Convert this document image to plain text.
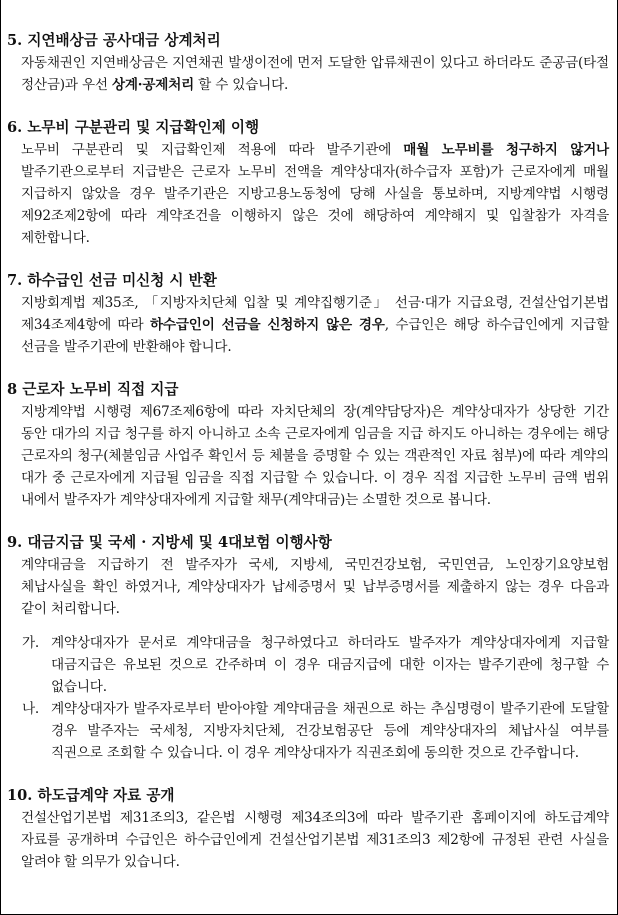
5. 지연배상금 공사대금 상계처리
자동채권인 지연배상금은 지연채권 발생이전에 먼저 도달한 압류채권이 있다고 하더라도 준공금(타절 정산금)과 우선 상계·공제처리 할 수 있습니다.
6. 노무비 구분관리 및 지급확인제 이행
노무비 구분관리 및 지급확인제 적용에 따라 발주기관에 매월 노무비를 청구하지 않거나 발주기관으로부터 지급받은 근로자 노무비 전액을 계약상대자(하수급자 포함)가 근로자에게 매월 지급하지 않았을 경우 발주기관은 지방고용노동청에 당해 사실을 통보하며, 지방계약법 시행령 제92조제2항에 따라 계약조건을 이행하지 않은 것에 해당하여 계약해지 및 입찰참가 자격을 제한합니다.
7. 하수급인 선금 미신청 시 반환
지방회계법 제35조, 「지방자치단체 입찰 및 계약집행기준」 선금·대가 지급요령, 건설산업기본법 제34조제4항에 따라 하수급인이 선금을 신청하지 않은 경우, 수급인은 해당 하수급인에게 지급할 선금을 발주기관에 반환해야 합니다.
8 근로자 노무비 직접 지급
지방계약법 시행령 제67조제6항에 따라 자치단체의 장(계약담당자)은 계약상대자가 상당한 기간 동안 대가의 지급 청구를 하지 아니하고 소속 근로자에게 임금을 지급 하지도 아니하는 경우에는 해당 근로자의 청구(체불임금 사업주 확인서 등 체불을 증명할 수 있는 객관적인 자료 첨부)에 따라 계약의 대가 중 근로자에게 지급될 임금을 직접 지급할 수 있습니다. 이 경우 직접 지급한 노무비 금액 범위 내에서 발주자가 계약상대자에게 지급할 채무(계약대금)는 소멸한 것으로 봅니다.
9. 대금지급 및 국세 · 지방세 및 4대보험 이행사항
계약대금을 지급하기 전 발주자가 국세, 지방세, 국민건강보험, 국민연금, 노인장기요양보험 체납사실을 확인 하였거나, 계약상대자가 납세증명서 및 납부증명서를 제출하지 않는 경우 다음과 같이 처리합니다.
가. 계약상대자가 문서로 계약대금을 청구하였다고 하더라도 발주자가 계약상대자에게 지급할 대금지급은 유보된 것으로 간주하며 이 경우 대금지급에 대한 이자는 발주기관에 청구할 수 없습니다.
나. 계약상대자가 발주자로부터 받아야할 계약대금을 채권으로 하는 추심명령이 발주기관에 도달할 경우 발주자는 국세청, 지방자치단체, 건강보험공단 등에 계약상대자의 체납사실 여부를 직권으로 조회할 수 있습니다. 이 경우 계약상대자가 직권조회에 동의한 것으로 간주합니다.
10. 하도급계약 자료 공개
건설산업기본법 제31조의3, 같은법 시행령 제34조의3에 따라 발주기관 홈페이지에 하도급계약 자료를 공개하며 수급인은 하수급인에게 건설산업기본법 제31조의3 제2항에 규정된 관련 사실을 알려야 할 의무가 있습니다.
